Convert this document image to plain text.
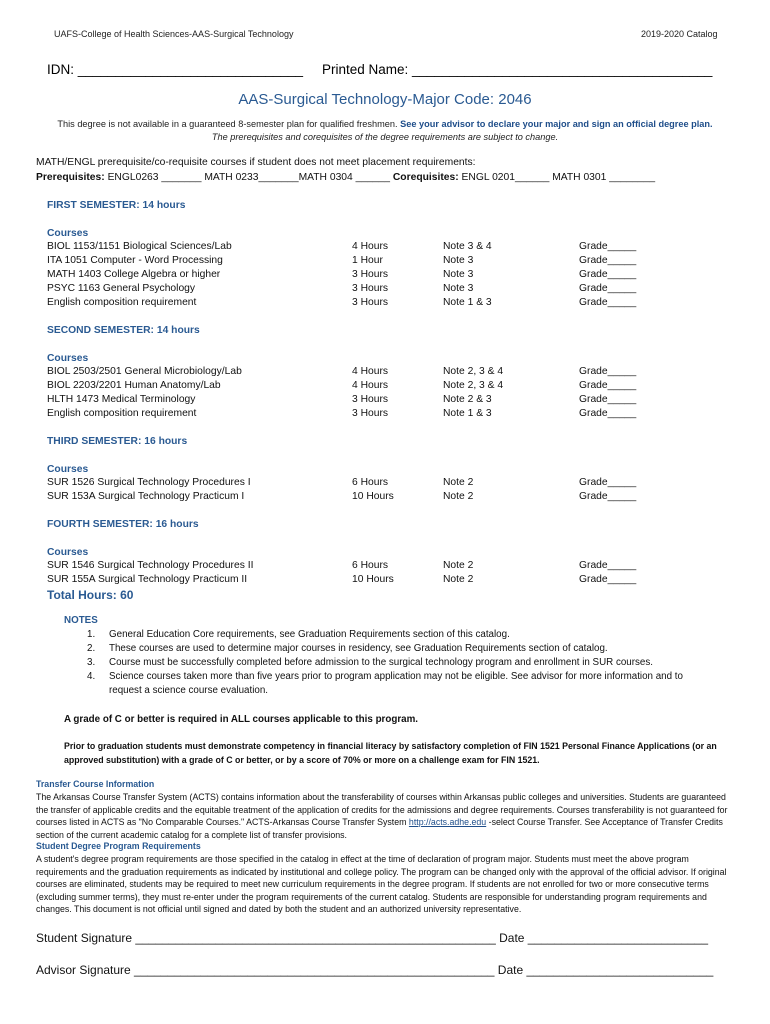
UAFS-College of Health Sciences-AAS-Surgical Technology	2019-2020 Catalog
IDN: ______________________________ Printed Name: ________________________________________
AAS-Surgical Technology-Major Code: 2046
This degree is not available in a guaranteed 8-semester plan for qualified freshmen. See your advisor to declare your major and sign an official degree plan.
The prerequisites and corequisites of the degree requirements are subject to change.
MATH/ENGL prerequisite/co-requisite courses if student does not meet placement requirements:
Prerequisites: ENGL0263 _______ MATH 0233_______MATH 0304 ______ Corequisites: ENGL 0201______ MATH 0301 ________
FIRST SEMESTER: 14 hours
Courses
BIOL 1153/1151 Biological Sciences/Lab	4 Hours	Note 3 & 4	Grade_____
ITA 1051 Computer - Word Processing	1 Hour	Note 3	Grade_____
MATH 1403 College Algebra or higher	3 Hours	Note 3	Grade_____
PSYC 1163 General Psychology	3 Hours	Note 3	Grade_____
English composition requirement	3 Hours	Note 1 & 3	Grade_____
SECOND SEMESTER: 14 hours
Courses
BIOL 2503/2501 General Microbiology/Lab	4 Hours	Note 2, 3 & 4	Grade_____
BIOL 2203/2201 Human Anatomy/Lab	4 Hours	Note 2, 3 & 4	Grade_____
HLTH 1473 Medical Terminology	3 Hours	Note 2 & 3	Grade_____
English composition requirement	3 Hours	Note 1 & 3	Grade_____
THIRD SEMESTER: 16 hours
Courses
SUR 1526 Surgical Technology Procedures I	6 Hours	Note 2	Grade_____
SUR 153A Surgical Technology Practicum I	10 Hours	Note 2	Grade_____
FOURTH SEMESTER: 16 hours
Courses
SUR 1546 Surgical Technology Procedures II	6 Hours	Note 2	Grade_____
SUR 155A Surgical Technology Practicum II	10 Hours	Note 2	Grade_____
Total Hours: 60
NOTES
1. General Education Core requirements, see Graduation Requirements section of this catalog.
2. These courses are used to determine major courses in residency, see Graduation Requirements section of catalog.
3. Course must be successfully completed before admission to the surgical technology program and enrollment in SUR courses.
4. Science courses taken more than five years prior to program application may not be eligible. See advisor for more information and to
request a science course evaluation.
A grade of C or better is required in ALL courses applicable to this program.
Prior to graduation students must demonstrate competency in financial literacy by satisfactory completion of FIN 1521 Personal Finance Applications (or an approved substitution) with a grade of C or better, or by a score of 70% or more on a challenge exam for FIN 1521.
Transfer Course Information
The Arkansas Course Transfer System (ACTS) contains information about the transferability of courses within Arkansas public colleges and universities. Students are guaranteed the transfer of applicable credits and the equitable treatment of the application of credits for the admissions and degree requirements. Courses transferability is not guaranteed for courses listed in ACTS as "No Comparable Courses." ACTS-Arkansas Course Transfer System http://acts.adhe.edu -select Course Transfer. See Acceptance of Transfer Credits section of the current academic catalog for a complete list of transfer provisions.
Student Degree Program Requirements
A student's degree program requirements are those specified in the catalog in effect at the time of declaration of program major. Students must meet the above program requirements and the graduation requirements as indicated by institutional and college policy. The program can be changed only with the approval of the official advisor. If original courses are eliminated, students may be required to meet new curriculum requirements in the degree program. If students are not enrolled for two or more consecutive terms (excluding summer terms), they must re-enter under the program requirements of the current catalog. Students are responsible for understanding program requirements and changes. This document is not official until signed and dated by both the student and an authorized university representative.
Student Signature ______________________________________________________ Date ___________________________
Advisor Signature ______________________________________________________ Date ____________________________
